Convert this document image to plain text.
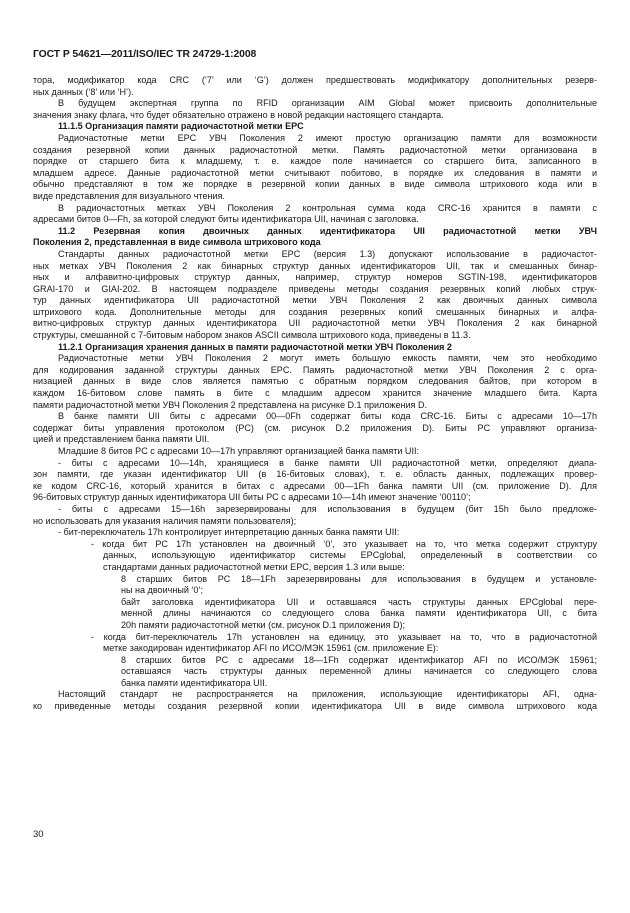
ГОСТ Р 54621—2011/ISO/IEC TR 24729-1:2008
тора, модификатор кода CRC (‘7’ или ‘G’) должен предшествовать модификатору дополнительных резерв-
ных данных (‘8’ или ‘H’).
В будущем экспертная группа по RFID организации AIM Global может присвоить дополнительные
значения знаку флага, что будет обязательно отражено в новой редакции настоящего стандарта.
11.1.5 Организация памяти радиочастотной метки EPC
Радиочастотные метки EPC УВЧ Поколения 2 имеют простую организацию памяти для возможности
создания резервной копии данных радиочастотной метки. Память радиочастотной метки организована в
порядке от старшего бита к младшему, т. е. каждое поле начинается со старшего бита, записанного в
младшем адресе. Данные радиочастотной метки считывают побитово, в порядке их следования в памяти и
обычно представляют в том же порядке в резервной копии данных в виде символа штрихового кода или в
виде представления для визуального чтения.
В радиочастотных метках УВЧ Поколения 2 контрольная сумма кода CRC-16 хранится в памяти с
адресами битов 0—Fh, за которой следуют биты идентификатора UII, начиная с заголовка.
11.2 Резервная копия двоичных данных идентификатора UII радиочастотной метки УВЧ
Поколения 2, представленная в виде символа штрихового кода
Стандарты данных радиочастотной метки EPC (версия 1.3) допускают использование в радиочастот-
ных метках УВЧ Поколения 2 как бинарных структур данных идентификаторов UII, так и смешанных бинар-
ных и алфавитно-цифровых структур данных, например, структур номеров SGTIN-198, идентификаторов
GRAI-170 и GIAI-202. В настоящем подразделе приведены методы создания резервных копий любых струк-
тур данных идентификатора UII радиочастотной метки УВЧ Поколения 2 как двоичных данных символа
штрихового кода. Дополнительные методы для создания резервных копий смешанных бинарных и алфа-
витно-цифровых структур данных идентификатора UII радиочастотной метки УВЧ Поколения 2 как бинарной
структуры, смешанной с 7-битовым набором знаков ASCII символа штрихового кода, приведены в 11.3.
11.2.1 Организация хранения данных в памяти радиочастотной метки УВЧ Поколения 2
Радиочастотные метки УВЧ Поколения 2 могут иметь большую емкость памяти, чем это необходимо
для кодирования заданной структуры данных EPC. Память радиочастотной метки УВЧ Поколения 2 с орга-
низацией данных в виде слов является памятью с обратным порядком следования байтов, при котором в
каждом 16-битовом слове память в бите с младшим адресом хранится значение младшего бита. Карта
памяти радиочастотной метки УВЧ Поколения 2 представлена на рисунке D.1 приложения D.
В банке памяти UII биты с адресами 00—0Fh содержат биты кода CRC-16. Биты с адресами 10—17h
содержат биты управления протоколом (PC) (см. рисунок D.2 приложения D). Биты PC управляют организа-
цией и представлением банка памяти UII.
Младшие 8 битов PC с адресами 10—17h управляют организацией банка памяти UII:
- биты с адресами 10—14h, хранящиеся в банке памяти UII радиочастотной метки, определяют диапа-
зон памяти, где указан идентификатор UII (в 16-битовых словах), т. е. область данных, подлежащих провер-
ке кодом CRC-16, который хранится в битах с адресами 00—1Fh банка памяти UII (см. приложение D). Для
96-битовых структур данных идентификатора UII биты PC с адресами 10—14h имеют значение ‘00110’;
- биты с адресами 15—16h зарезервированы для использования в будущем (бит 15h было предложе-
но использовать для указания наличия памяти пользователя);
- бит-переключатель 17h контролирует интерпретацию данных банка памяти UII:
- когда бит PC 17h установлен на двоичный ‘0’, это указывает на то, что метка содержит структуру
данных, использующую идентификатор системы EPCglobal, определенный в соответствии со
стандартами данных радиочастотной метки EPC, версия 1.3 или выше:
8 старших битов PC 18—1Fh зарезервированы для использования в будущем и установле-
ны на двоичный ‘0’;
байт заголовка идентификатора UII и оставшаяся часть структуры данных EPCglobal пере-
менной длины начинаются со следующего слова банка памяти идентификатора UII, с бита
20h памяти радиочастотной метки (см. рисунок D.1 приложения D);
- когда бит-переключатель 17h установлен на единицу, это указывает на то, что в радиочастотной
метке закодирован идентификатор AFI по ИСО/МЭК 15961 (см. приложение E):
8 старших битов PC с адресами 18—1Fh содержат идентификатор AFI по ИСО/МЭК 15961;
оставшаяся часть структуры данных переменной длины начинается со следующего слова
банка памяти идентификатора UII.
Настоящий стандарт не распространяется на приложения, использующие идентификаторы AFI, одна-
ко приведенные методы создания резервной копии идентификатора UII в виде символа штрихового кода
30
